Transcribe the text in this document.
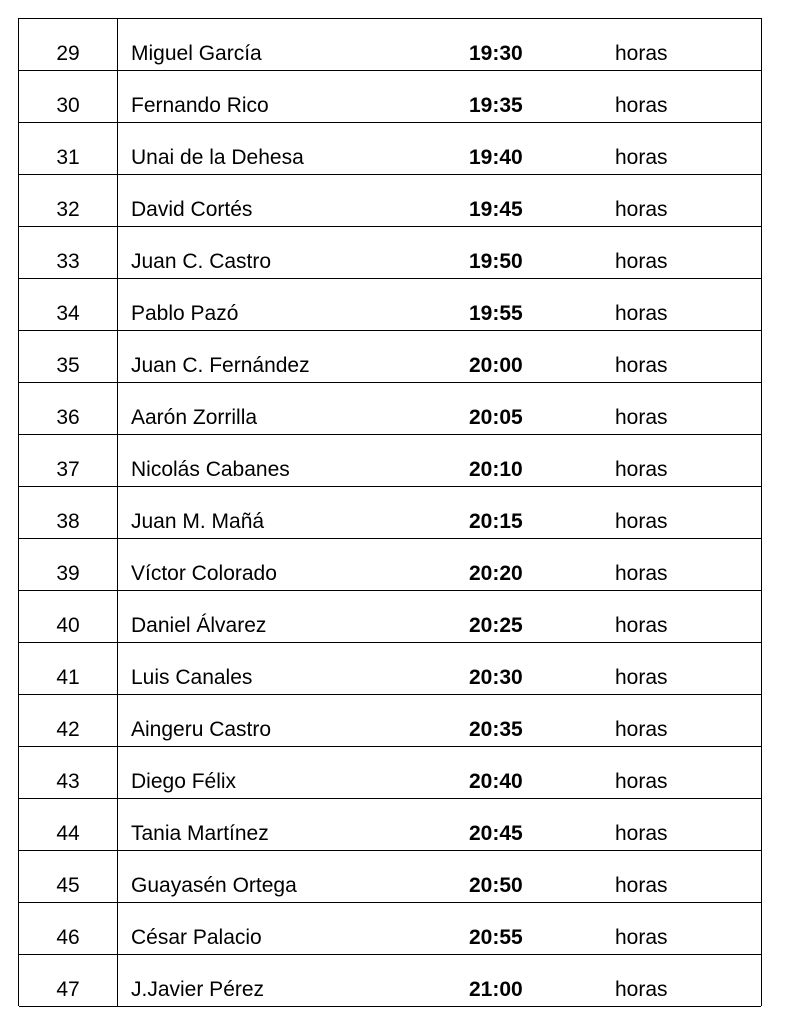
29	Miguel García	19:30	horas
30	Fernando Rico	19:35	horas
31	Unai de la Dehesa	19:40	horas
32	David Cortés	19:45	horas
33	Juan C. Castro	19:50	horas
34	Pablo Pazó	19:55	horas
35	Juan C. Fernández	20:00	horas
36	Aarón Zorrilla	20:05	horas
37	Nicolás Cabanes	20:10	horas
38	Juan M. Mañá	20:15	horas
39	Víctor Colorado	20:20	horas
40	Daniel Álvarez	20:25	horas
41	Luis Canales	20:30	horas
42	Aingeru Castro	20:35	horas
43	Diego Félix	20:40	horas
44	Tania Martínez	20:45	horas
45	Guayasén Ortega	20:50	horas
46	César Palacio	20:55	horas
47	J.Javier Pérez	21:00	horas
